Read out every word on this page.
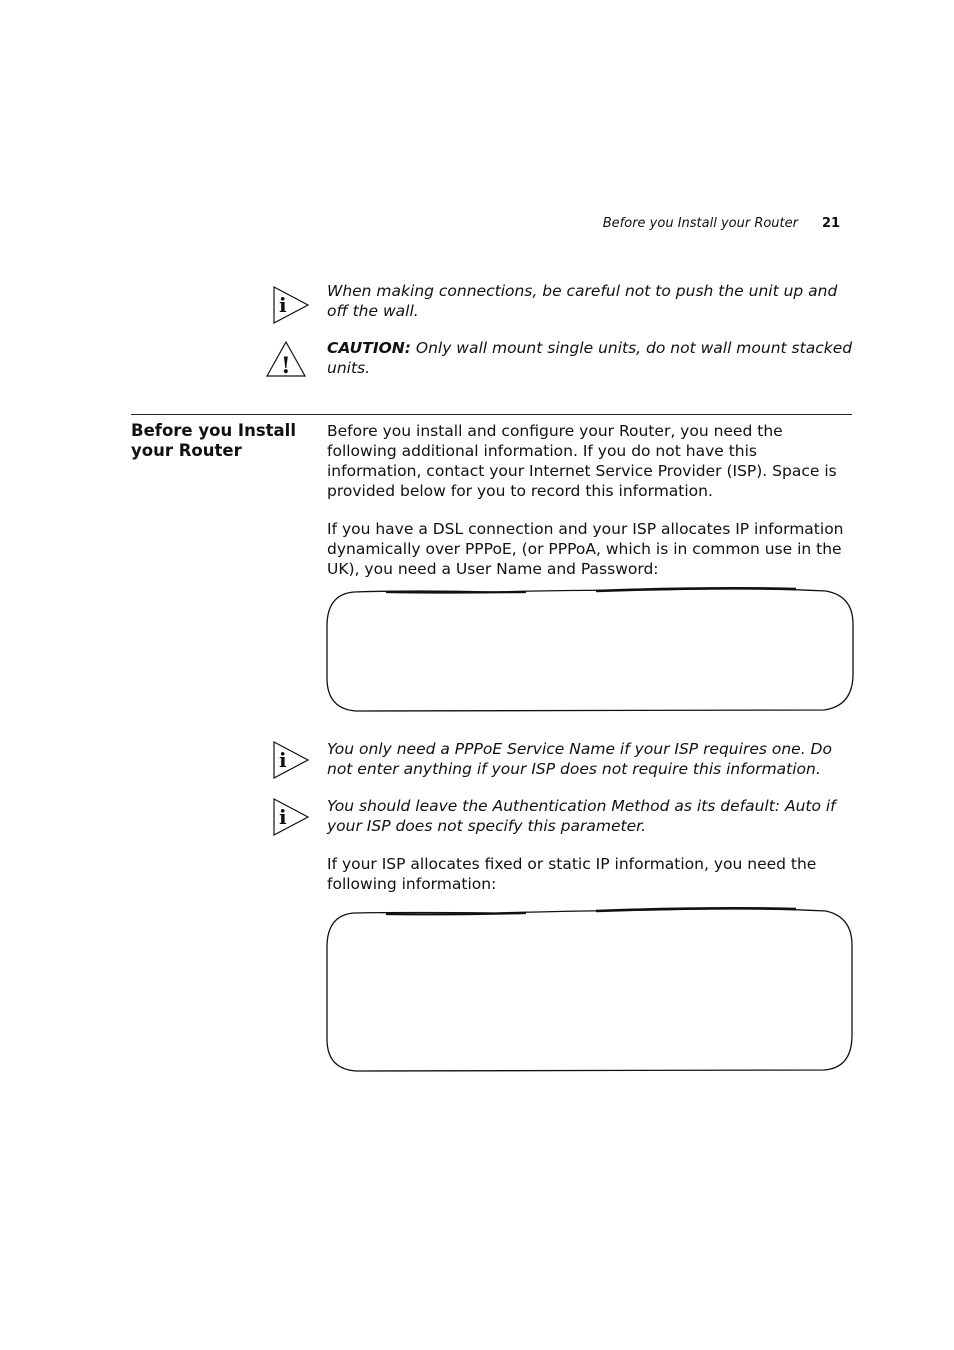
Before you Install your Router 21
i
When making connections, be careful not to push the unit up and off the wall.
!
CAUTION: Only wall mount single units, do not wall mount stacked units.
Before you Install your Router
Before you install and configure your Router, you need the following additional information. If you do not have this information, contact your Internet Service Provider (ISP). Space is provided below for you to record this information.
If you have a DSL connection and your ISP allocates IP information dynamically over PPPoE, (or PPPoA, which is in common use in the UK), you need a User Name and Password:
i	You only need a PPPoE Service Name if your ISP requires one. Do not enter anything if your ISP does not require this information.
i	You should leave the Authentication Method as its default: Auto if your ISP does not specify this parameter.
If your ISP allocates fixed or static IP information, you need the following information:
